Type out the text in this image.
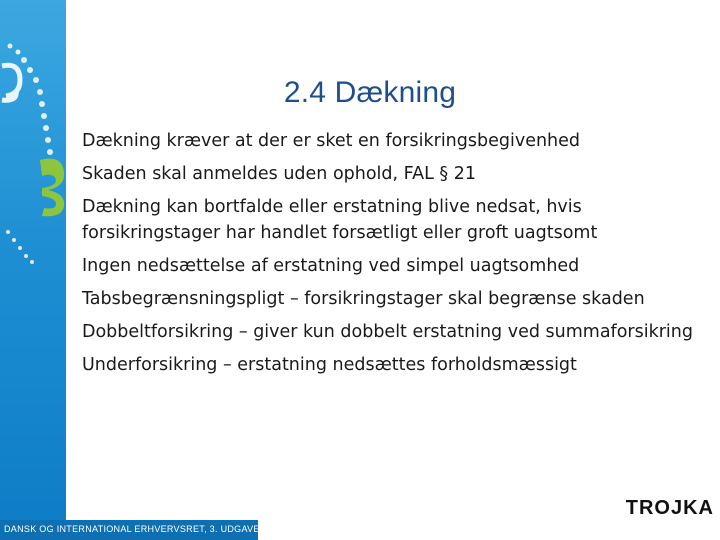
2.4 Dækning
Dækning kræver at der er sket en forsikringsbegivenhed
Skaden skal anmeldes uden ophold, FAL § 21
Dækning kan bortfalde eller erstatning blive nedsat, hvis forsikringstager har handlet forsætligt eller groft uagtsomt
Ingen nedsættelse af erstatning ved simpel uagtsomhed
Tabsbegrænsningspligt – forsikringstager skal begrænse skaden
Dobbeltforsikring – giver kun dobbelt erstatning ved summaforsikring
Underforsikring – erstatning nedsættes forholdsmæssigt
DANSK OG INTERNATIONAL ERHVERVSRET, 3. UDGAVE
TROJKA
